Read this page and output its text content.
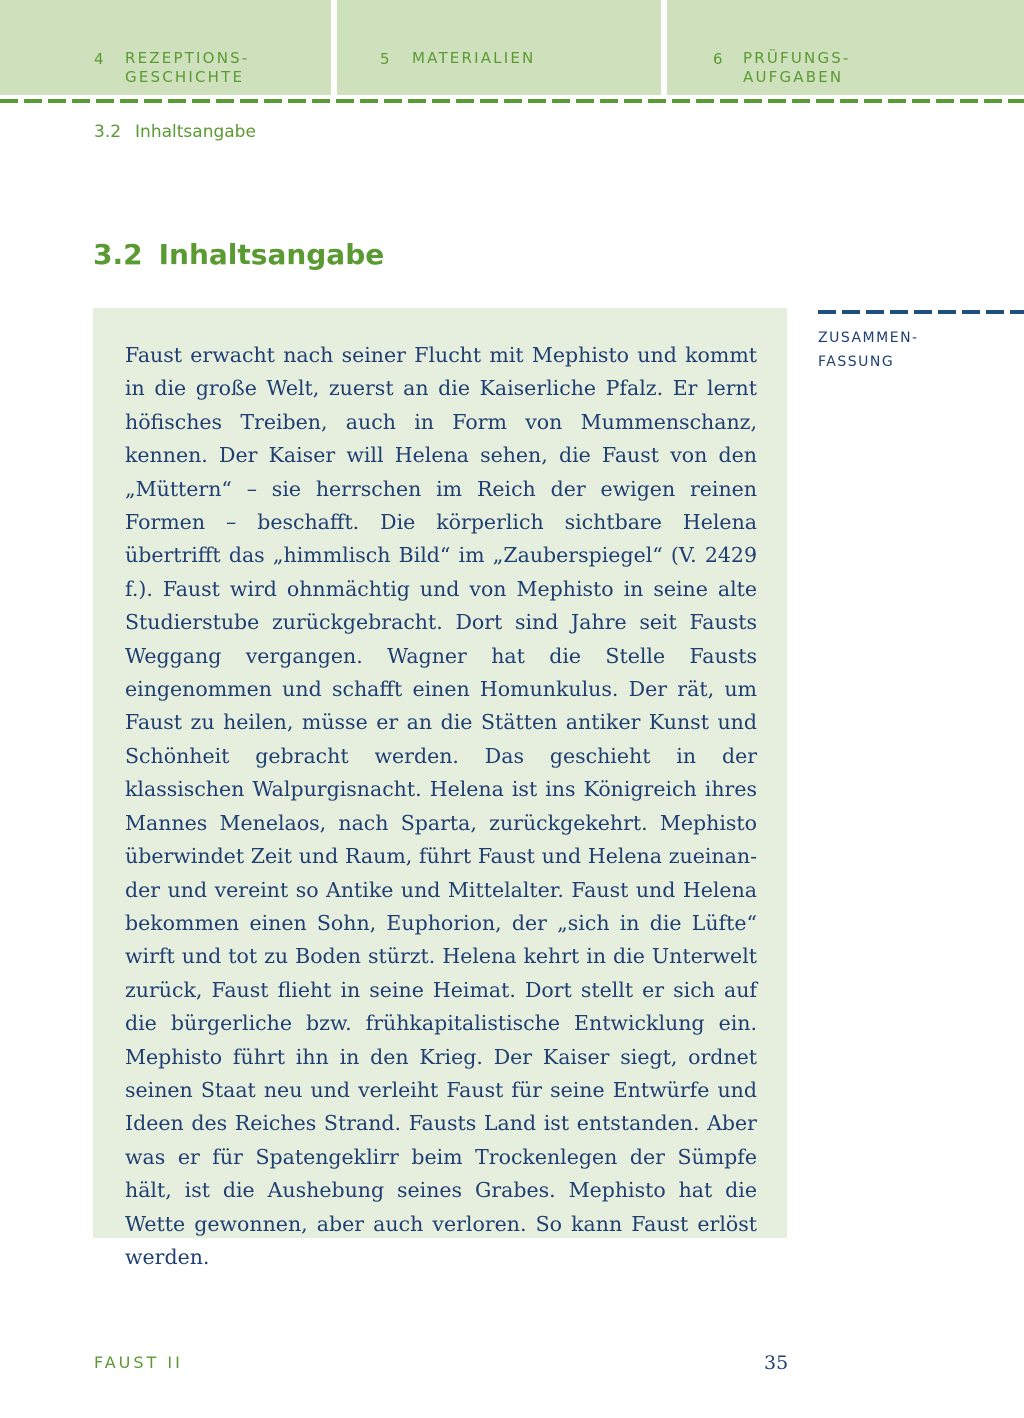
4 REZEPTIONS-
GESCHICHTE
5 MATERIALIEN	6 PRÜFUNGS-
AUFGABEN
3.2 Inhaltsangabe
3.2 Inhaltsangabe
Faust erwacht nach seiner Flucht mit Mephisto und kommt in die große Welt, zuerst an die Kaiserliche Pfalz. Er lernt höfisches Treiben, auch in Form von Mummenschanz, kennen. Der Kaiser will Helena sehen, die Faust von den „Müttern“ – sie herrschen im Reich der ewigen reinen Formen – beschafft. Die körperlich sichtbare Helena übertrifft das „himmlisch Bild“ im „Zauberspiegel“ (V. 2429 f.). Faust wird ohnmächtig und von Mephisto in seine alte Studierstube zurückgebracht. Dort sind Jahre seit Fausts Weggang vergangen. Wagner hat die Stelle Fausts eingenommen und schafft einen Homunkulus. Der rät, um Faust zu heilen, müsse er an die Stätten antiker Kunst und Schönheit gebracht werden. Das geschieht in der klassischen Walpurgisnacht. Helena ist ins Königreich ihres Mannes Menelaos, nach Sparta, zurückgekehrt. Mephisto überwindet Zeit und Raum, führt Faust und Helena zueinander und vereint so Antike und Mittelalter. Faust und Helena bekommen einen Sohn, Euphorion, der „sich in die Lüfte“ wirft und tot zu Boden stürzt. Helena kehrt in die Unterwelt zurück, Faust flieht in seine Heimat. Dort stellt er sich auf die bürgerliche bzw. frühkapitalistische Entwicklung ein. Mephisto führt ihn in den Krieg. Der Kaiser siegt, ordnet seinen Staat neu und verleiht Faust für seine Entwürfe und Ideen des Reiches Strand. Fausts Land ist entstanden. Aber was er für Spatengeklirr beim Trockenlegen der Sümpfe hält, ist die Aushebung seines Grabes. Mephisto hat die Wette gewonnen, aber auch verloren. So kann Faust erlöst werden.
ZUSAMMEN-
FASSUNG
FAUST II	35
